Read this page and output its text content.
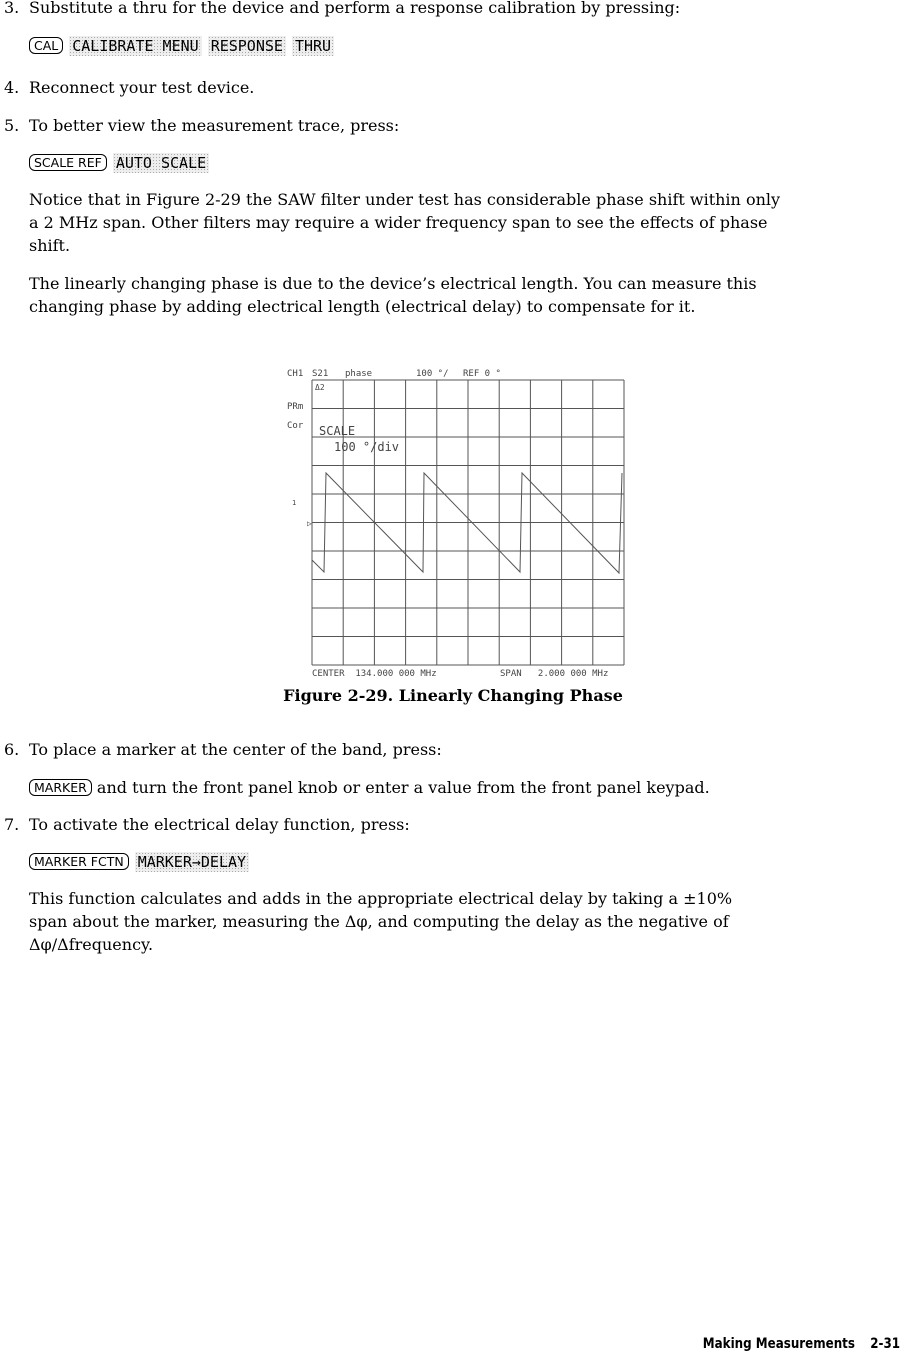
3. Substitute a thru for the device and perform a response calibration by pressing:
CAL CALIBRATE MENU RESPONSE THRU
4. Reconnect your test device.
5. To better view the measurement trace, press:
SCALE REF AUTO SCALE
Notice that in Figure 2-29 the SAW filter under test has considerable phase shift within only
a 2 MHz span. Other filters may require a wider frequency span to see the effects of phase
shift.
The linearly changing phase is due to the device’s electrical length. You can measure this
changing phase by adding electrical length (electrical delay) to compensate for it.
CH1 S21 phase	100 °/ REF 0 °
Δ2
PRm
Cor
1
▷
SCALE
100 °/div
CENTER  134.000 000 MHz	SPAN   2.000 000 MHz
Figure 2-29. Linearly Changing Phase
6. To place a marker at the center of the band, press:
MARKER and turn the front panel knob or enter a value from the front panel keypad.
7. To activate the electrical delay function, press:
MARKER FCTN MARKER→DELAY
This function calculates and adds in the appropriate electrical delay by taking a ±10%
span about the marker, measuring the Δφ, and computing the delay as the negative of
Δφ/Δfrequency.
Making Measurements 2-31
